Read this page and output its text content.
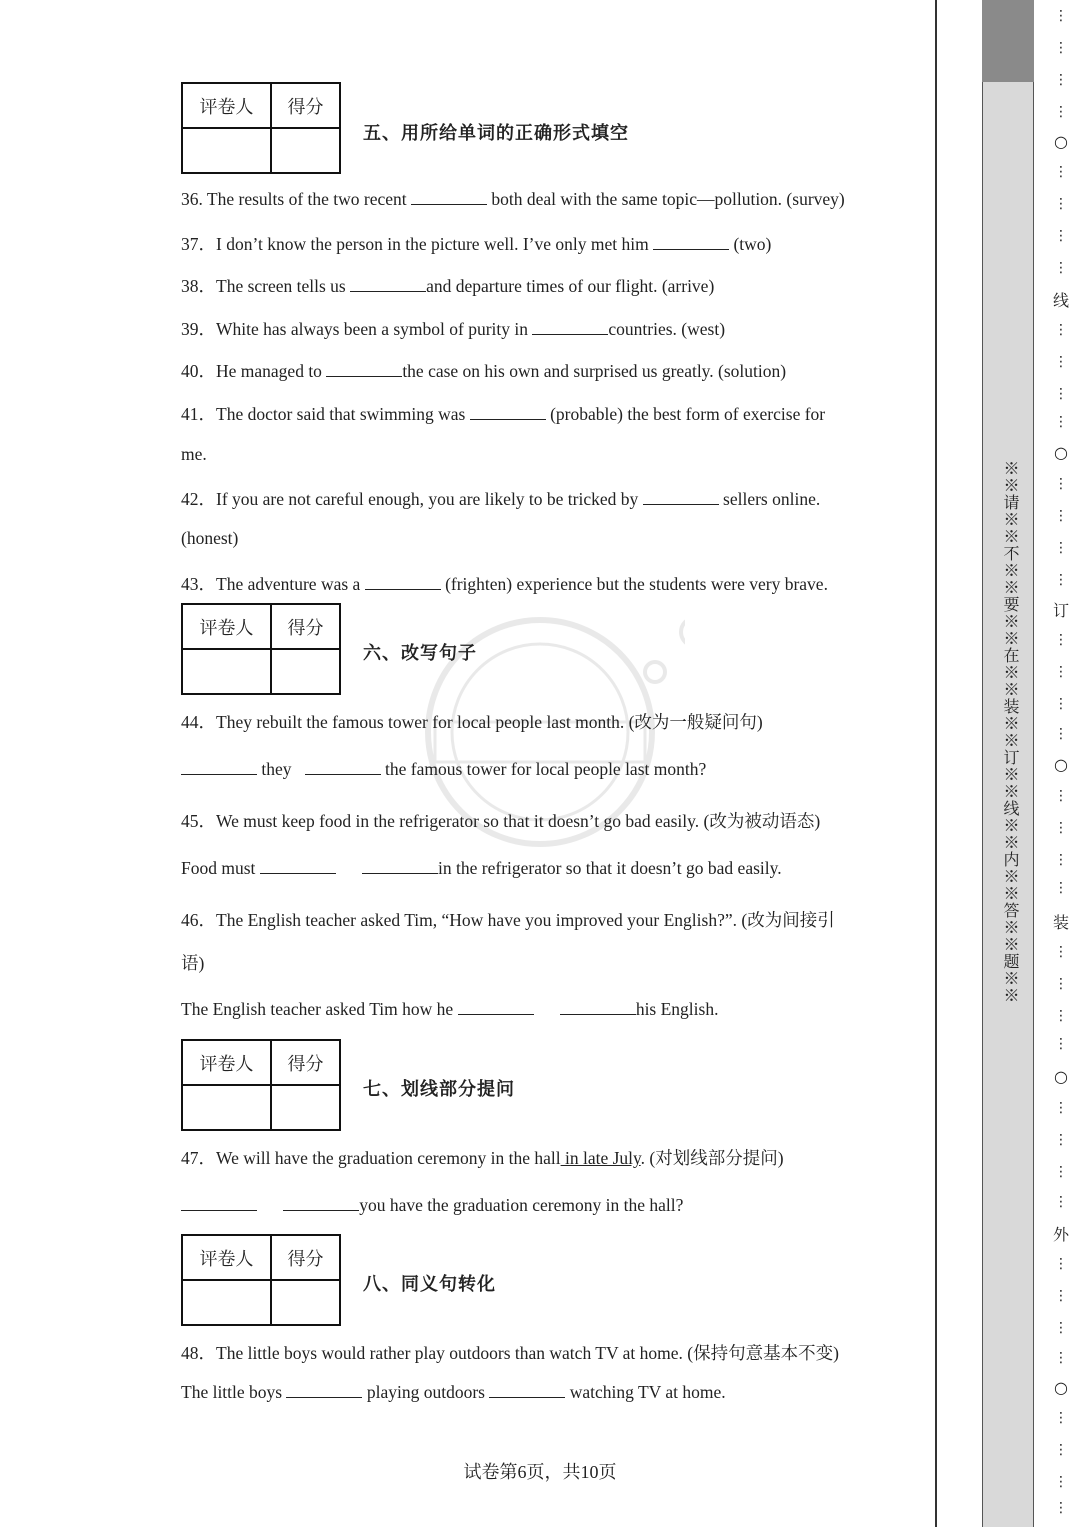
评卷人	得分
五、用所给单词的正确形式填空
36. The results of the two recent	both deal with the same topic—pollution. (survey)
37．I don’t know the person in the picture well. I’ve only met him	(two)
38．The screen tells us	and departure times of our flight. (arrive)
39．White has always been a symbol of purity in	countries. (west)
40．He managed to	the case on his own and surprised us greatly. (solution)
41．The doctor said that swimming was	(probable) the best form of exercise for
me.
42．If you are not careful enough, you are likely to be tricked by	sellers online.
(honest)
43．The adventure was a	(frighten) experience but the students were very brave.
评卷人	得分
六、改写句子
44．They rebuilt the famous tower for local people last month. (改为一般疑问句)
they	the famous tower for local people last month?
45．We must keep food in the refrigerator so that it doesn’t go bad easily. (改为被动语态)
Food must	in the refrigerator so that it doesn’t go bad easily.
46．The English teacher asked Tim, “How have you improved your English?”. (改为间接引
语)
The English teacher asked Tim how he	his English.
评卷人	得分
七、划线部分提问
47．We will have the graduation ceremony in the hall in late July. (对划线部分提问)
you have the graduation ceremony in the hall?
评卷人	得分
八、同义句转化
48．The little boys would rather play outdoors than watch TV at home. (保持句意基本不变)
The little boys	playing outdoors	watching TV at home.
试卷第6页，共10页
※※请※※不※※要※※在※※装※※订※※线※※内※※答※※题※※
⋮
⋮
⋮
⋮
○
⋮
⋮
⋮
⋮
线
⋮
⋮
⋮
⋮
○
⋮
⋮
⋮
⋮
订
⋮
⋮
⋮
⋮
○
⋮
⋮
⋮
⋮
装
⋮
⋮
⋮
⋮
○
⋮
⋮
⋮
⋮
外
⋮
⋮
⋮
⋮
○
⋮
⋮
⋮
⋮
